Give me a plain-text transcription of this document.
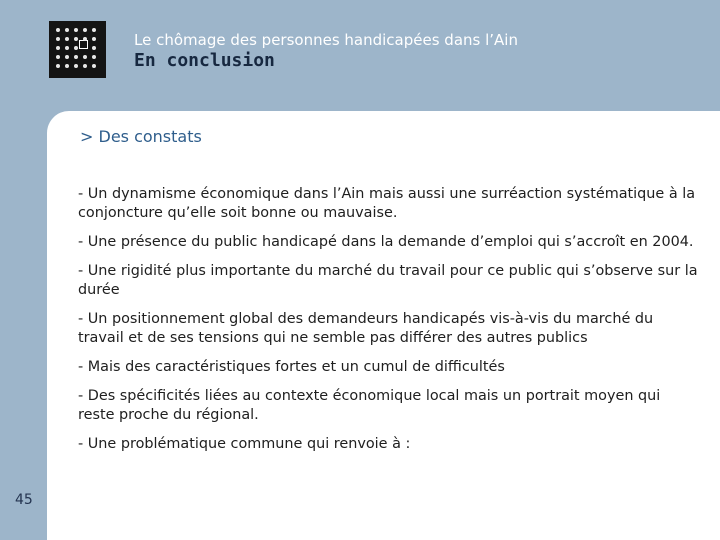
Le chômage des personnes handicapées dans l’Ain
En conclusion
> Des constats

- Un dynamisme économique dans l’Ain mais aussi une surréaction systématique à la conjoncture qu’elle soit bonne ou mauvaise.

- Une présence du public handicapé dans la demande d’emploi qui s’accroît en 2004.

- Une rigidité plus importante du marché du travail pour ce public qui s’observe sur la durée

- Un positionnement global des demandeurs handicapés vis-à-vis du marché du travail et de ses tensions qui ne semble pas différer des autres publics

- Mais des caractéristiques fortes et un cumul de difficultés

- Des spécificités liées au contexte économique local mais un portrait moyen qui reste proche du régional.

- Une problématique commune qui renvoie à :

45
